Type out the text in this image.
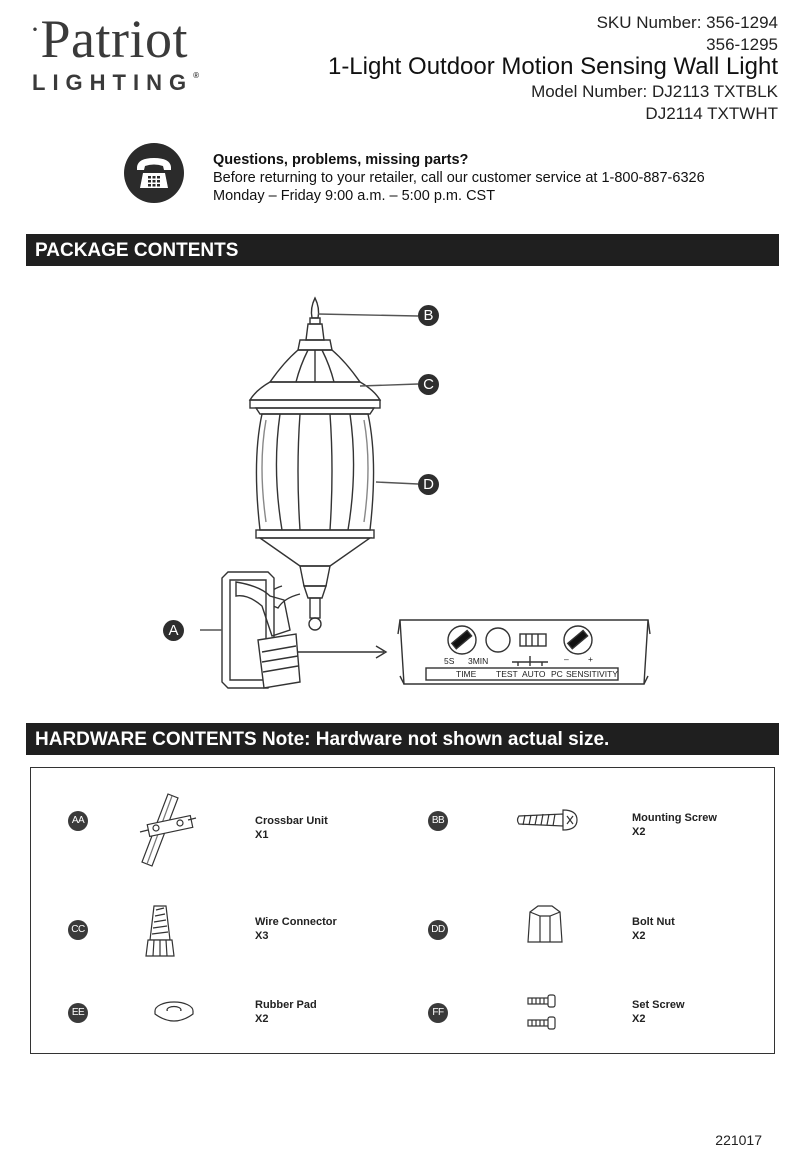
·Patriot
LIGHTING®
SKU Number: 356-1294
356-1295
1-Light Outdoor Motion Sensing Wall Light
Model Number: DJ2113 TXTBLK
DJ2114 TXTWHT
Questions, problems, missing parts?
Before returning to your retailer, call our customer service at 1-800-887-6326
Monday – Friday 9:00 a.m. – 5:00 p.m. CST
PACKAGE CONTENTS
5S 3MIN
TIME TEST AUTO PC SENSITIVITY
– +
B
C
D
A
HARDWARE CONTENTS Note: Hardware not shown actual size.
AA	Crossbar Unit
X1
BB	Mounting Screw
X2
CC
Wire Connector
X3
DD
Bolt Nut
X2
EE
Rubber Pad
X2
FF
Set Screw
X2
221017
